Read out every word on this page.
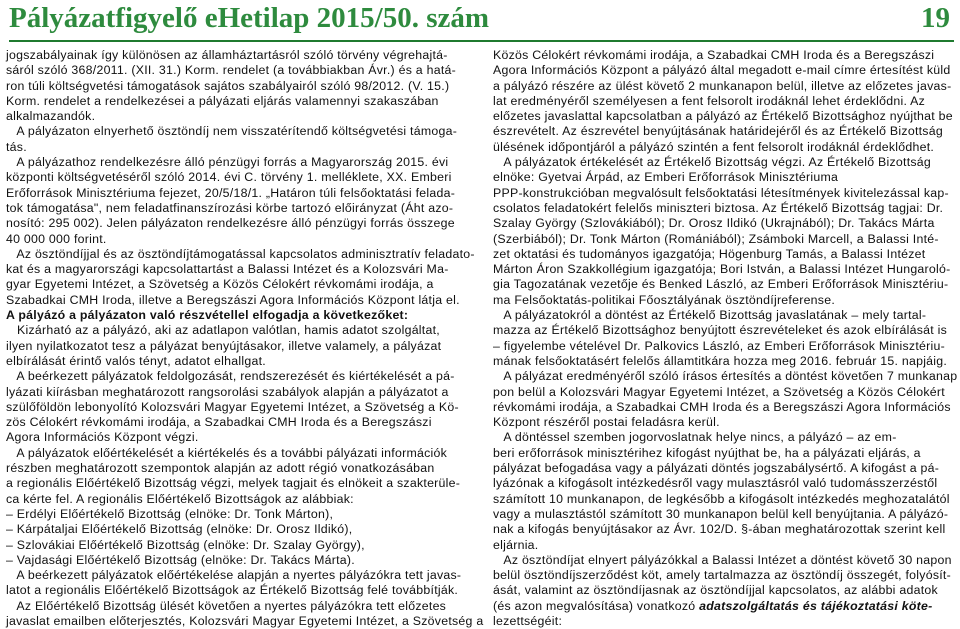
Pályázatfigyelő eHetilap 2015/50. szám	19
jogszabályainak így különösen az államháztartásról szóló törvény végrehajtá-
sáról szóló 368/2011. (XII. 31.) Korm. rendelet (a továbbiakban Ávr.) és a hatá-
ron túli költségvetési támogatások sajátos szabályairól szóló 98/2012. (V. 15.)
Korm. rendelet a rendelkezései a pályázati eljárás valamennyi szakaszában
alkalmazandók.
A pályázaton elnyerhető ösztöndíj nem visszatérítendő költségvetési támoga-
tás.
A pályázathoz rendelkezésre álló pénzügyi forrás a Magyarország 2015. évi
központi költségvetéséről szóló 2014. évi C. törvény 1. melléklete, XX. Emberi
Erőforrások Minisztériuma fejezet, 20/5/18/1. „Határon túli felsőoktatási felada-
tok támogatása", nem feladatfinanszírozási körbe tartozó előirányzat (Áht azo-
nosító: 295 002). Jelen pályázaton rendelkezésre álló pénzügyi forrás összege
40 000 000 forint.
Az ösztöndíjjal és az ösztöndíjtámogatással kapcsolatos adminisztratív feladato-
kat és a magyarországi kapcsolattartást a Balassi Intézet és a Kolozsvári Ma-
gyar Egyetemi Intézet, a Szövetség a Közös Célokért révkomámi irodája, a
Szabadkai CMH Iroda, illetve a Beregszászi Agora Információs Központ látja el.
A pályázó a pályázaton való részvétellel elfogadja a következőket:
Kizárható az a pályázó, aki az adatlapon valótlan, hamis adatot szolgáltat,
ilyen nyilatkozatot tesz a pályázat benyújtásakor, illetve valamely, a pályázat
elbírálását érintő valós tényt, adatot elhallgat.
A beérkezett pályázatok feldolgozását, rendszerezését és kiértékelését a pá-
lyázati kiírásban meghatározott rangsorolási szabályok alapján a pályázatot a
szülőföldön lebonyolító Kolozsvári Magyar Egyetemi Intézet, a Szövetség a Kö-
zös Célokért révkomámi irodája, a Szabadkai CMH Iroda és a Beregszászi
Agora Információs Központ végzi.
A pályázatok előértékelését a kiértékelés és a további pályázati információk
részben meghatározott szempontok alapján az adott régió vonatkozásában
a regionális Előértékelő Bizottság végzi, melyek tagjait és elnökeit a szakterüle-
ca kérte fel. A regionális Előértékelő Bizottságok az alábbiak:
– Erdélyi Előértékelő Bizottság (elnöke: Dr. Tonk Márton),
– Kárpátaljai Előértékelő Bizottság (elnöke: Dr. Orosz Ildikó),
– Szlovákiai Előértékelő Bizottság (elnöke: Dr. Szalay György),
– Vajdasági Előértékelő Bizottság (elnöke: Dr. Takács Márta).
A beérkezett pályázatok előértékelése alapján a nyertes pályázókra tett javas-
latot a regionális Előértékelő Bizottságok az Értékelő Bizottság felé továbbítják.
Az Előértékelő Bizottság ülését követően a nyertes pályázókra tett előzetes
javaslat emailben előterjesztés, Kolozsvári Magyar Egyetemi Intézet, a Szövetség a
Közös Célokért révkomámi irodája, a Szabadkai CMH Iroda és a Beregszászi
Agora Információs Központ a pályázó által megadott e-mail címre értesítést küld
a pályázó részére az ülést követő 2 munkanapon belül, illetve az előzetes javas-
lat eredményéről személyesen a fent felsorolt irodáknál lehet érdeklődni. Az
előzetes javaslattal kapcsolatban a pályázó az Értékelő Bizottsághoz nyújthat be
észrevételt. Az észrevétel benyújtásának határidejéről és az Értékelő Bizottság
ülésének időpontjáról a pályázó szintén a fent felsorolt irodáknál érdeklődhet.
A pályázatok értékelését az Értékelő Bizottság végzi. Az Értékelő Bizottság
elnöke: Gyetvai Árpád, az Emberi Erőforrások Minisztériuma
PPP-konstrukcióban megvalósult felsőoktatási létesítmények kivitelezással kap-
csolatos feladatokért felelős miniszteri biztosa. Az Értékelő Bizottság tagjai: Dr.
Szalay György (Szlovákiából); Dr. Orosz Ildikó (Ukrajnából); Dr. Takács Márta
(Szerbiából); Dr. Tonk Márton (Romániából); Zsámboki Marcell, a Balassi Inté-
zet oktatási és tudományos igazgatója; Högenburg Tamás, a Balassi Intézet
Márton Áron Szakkollégium igazgatója; Bori István, a Balassi Intézet Hungaroló-
gia Tagozatának vezetője és Benked László, az Emberi Erőforrások Minisztériu-
ma Felsőoktatás-politikai Főosztályának ösztöndíjreferense.
A pályázatokról a döntést az Értékelő Bizottság javaslatának – mely tartal-
mazza az Értékelő Bizottsághoz benyújtott észrevételeket és azok elbírálását is
– figyelembe vételével Dr. Palkovics László, az Emberi Erőforrások Minisztériu-
mának felsőoktatásért felelős államtitkára hozza meg 2016. február 15. napjáig.
A pályázat eredményéről szóló írásos értesítés a döntést követően 7 munkanap
pon belül a Kolozsvári Magyar Egyetemi Intézet, a Szövetség a Közös Célokért
révkomámi irodája, a Szabadkai CMH Iroda és a Beregszászi Agora Információs
Központ részéről postai feladásra kerül.
A döntéssel szemben jogorvoslatnak helye nincs, a pályázó – az em-
beri erőforrások minisztérihez kifogást nyújthat be, ha a pályázati eljárás, a
pályázat befogadása vagy a pályázati döntés jogszabálysértő. A kifogást a pá-
lyázónak a kifogásolt intézkedésről vagy mulasztásról való tudomásszerzéstől
számított 10 munkanapon, de legkésőbb a kifogásolt intézkedés meghozatalától
vagy a mulasztástól számított 30 munkanapon belül kell benyújtania. A pályázó-
nak a kifogás benyújtásakor az Ávr. 102/D. §-ában meghatározottak szerint kell
eljárnia.
Az ösztöndíjat elnyert pályázókkal a Balassi Intézet a döntést követő 30 napon
belül ösztöndíjszerződést köt, amely tartalmazza az ösztöndíj összegét, folyósít-
ását, valamint az ösztöndíjasnak az ösztöndíjjal kapcsolatos, az alábbi adatok
(és azon megvalósítása) vonatkozó adatszolgáltatás és tájékoztatási köte-
lezettségéit:
